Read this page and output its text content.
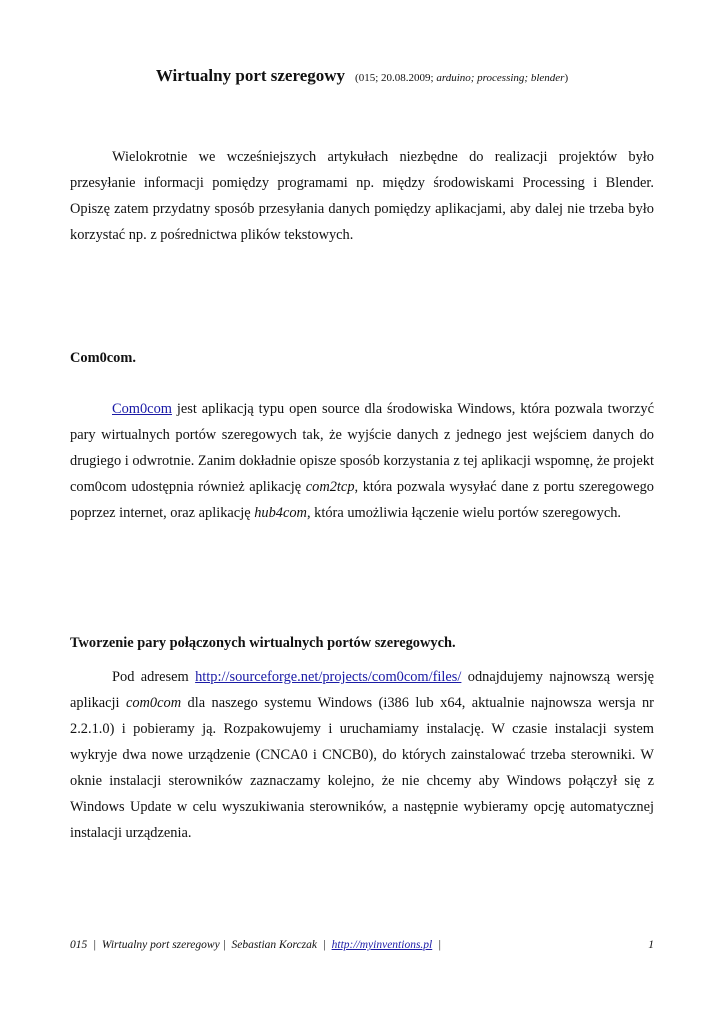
Wirtualny port szeregowy (015; 20.08.2009; arduino; processing; blender)

Wielokrotnie we wcześniejszych artykułach niezbędne do realizacji projektów było przesyłanie informacji pomiędzy programami np. między środowiskami Processing i Blender. Opiszę zatem przydatny sposób przesyłania danych pomiędzy aplikacjami, aby dalej nie trzeba było korzystać np. z pośrednictwa plików tekstowych.

Com0com.

Com0com jest aplikacją typu open source dla środowiska Windows, która pozwala tworzyć pary wirtualnych portów szeregowych tak, że wyjście danych z jednego jest wejściem danych do drugiego i odwrotnie. Zanim dokładnie opisze sposób korzystania z tej aplikacji wspomnę, że projekt com0com udostępnia również aplikację com2tcp, która pozwala wysyłać dane z portu szeregowego poprzez internet, oraz aplikację hub4com, która umożliwia łączenie wielu portów szeregowych.

Tworzenie pary połączonych wirtualnych portów szeregowych.

Pod adresem http://sourceforge.net/projects/com0com/files/ odnajdujemy najnowszą wersję aplikacji com0com dla naszego systemu Windows (i386 lub x64, aktualnie najnowsza wersja nr 2.2.1.0) i pobieramy ją. Rozpakowujemy i uruchamiamy instalację. W czasie instalacji system wykryje dwa nowe urządzenie (CNCA0 i CNCB0), do których zainstalować trzeba sterowniki. W oknie instalacji sterowników zaznaczamy kolejno, że nie chcemy aby Windows połączył się z Windows Update w celu wyszukiwania sterowników, a następnie wybieramy opcję automatycznej instalacji urządzenia.

015  |  Wirtualny port szeregowy |  Sebastian Korczak  |  http://myinventions.pl  |	1
